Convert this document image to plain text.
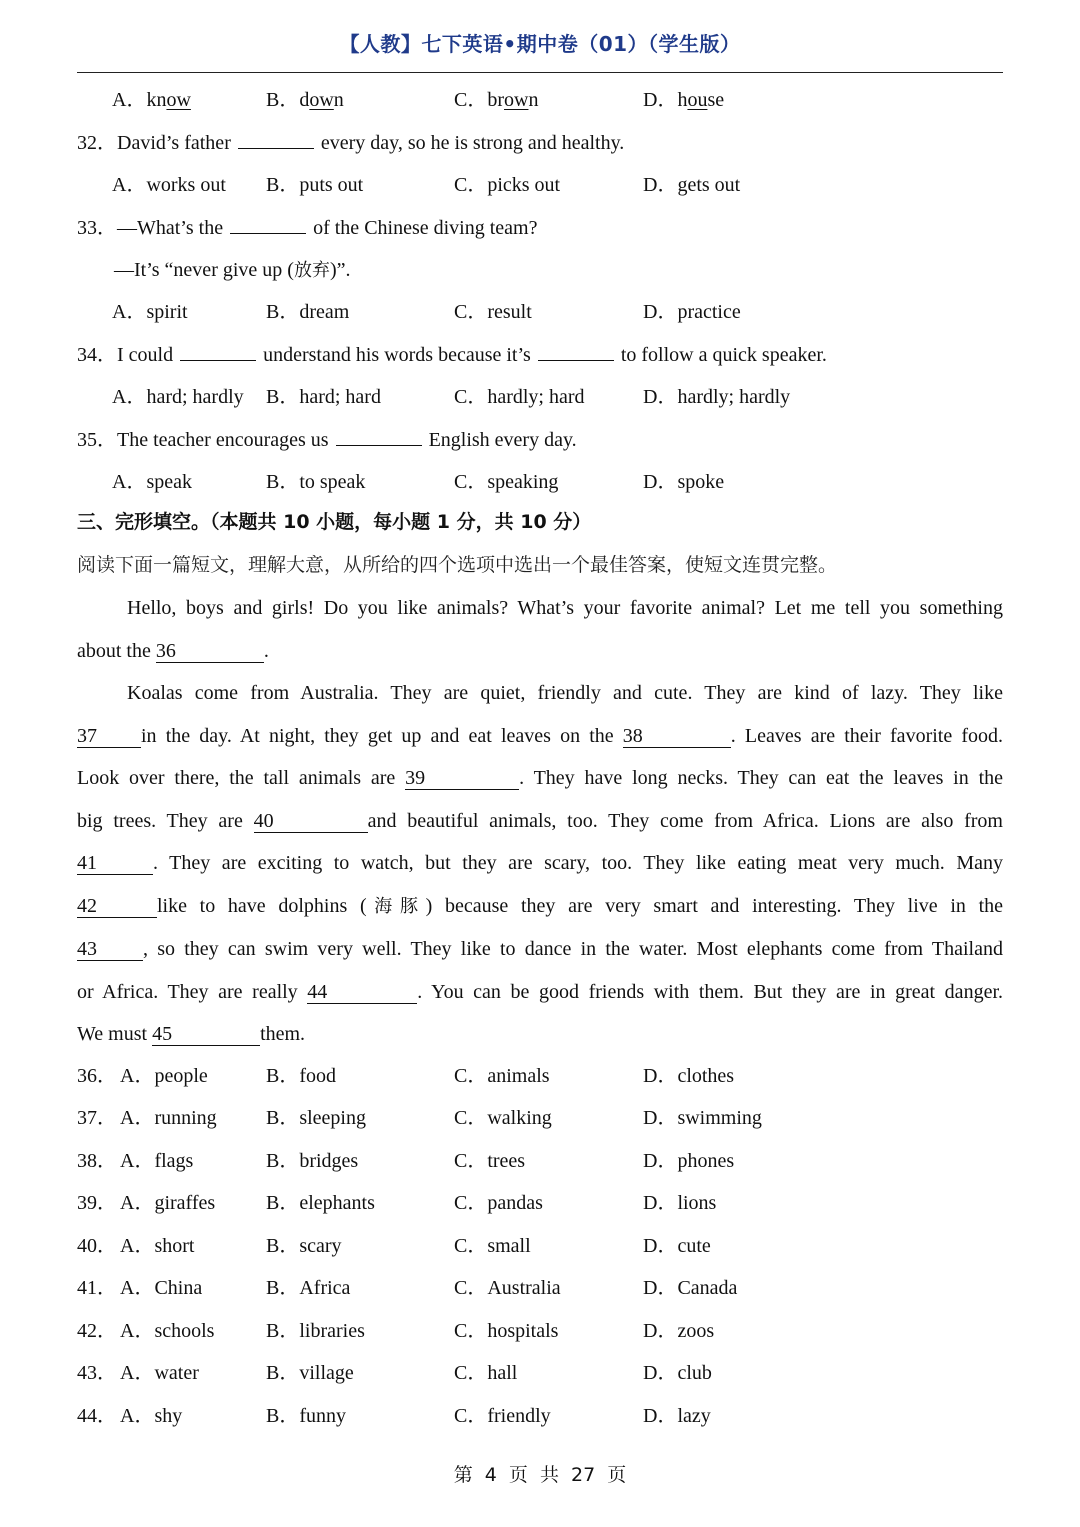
【人教】七下英语•期中卷（01）（学生版）
A．know	B．down	C．brown	D．house
32．David’s father	every day, so he is strong and healthy.
A．works out B．puts out	C．picks out	D．gets out
33．—What’s the	of the Chinese diving team?
—It’s “never give up (放弃)”.
A．spirit	B．dream	C．result	D．practice
34．I could	understand his words because it’s	to follow a quick speaker.
A．hard; hardly B．hard; hard	C．hardly; hard	D．hardly; hardly
35．The teacher encourages us	English every day.
A．speak	B．to speak	C．speaking	D．spoke
三、完形填空。（本题共 10 小题，每小题 1 分，共 10 分）
阅读下面一篇短文，理解大意，从所给的四个选项中选出一个最佳答案，使短文连贯完整。
Hello, boys and girls! Do you like animals? What’s your favorite animal? Let me tell you something
about the 36	.
Koalas come from Australia. They are quiet, friendly and cute. They are kind of lazy. They like
37 in the day. At night, they get up and eat leaves on the 38	. Leaves are their favorite food.
Look over there, the tall animals are 39	. They have long necks. They can eat the leaves in the
big trees. They are 40	and beautiful animals, too. They come from Africa. Lions are also from
41	. They are exciting to watch, but they are scary, too. They like eating meat very much. Many
42	like to have dolphins (海豚) because they are very smart and interesting. They live in the
43 , so they can swim very well. They like to dance in the water. Most elephants come from Thailand
or Africa. They are really 44	. You can be good friends with them. But they are in great danger.
We must 45	them.
36． A．people	B．food	C．animals	D．clothes
37． A．running B．sleeping	C．walking	D．swimming
38． A．flags	B．bridges	C．trees	D．phones
39． A．giraffes	B．elephants	C．pandas	D．lions
40． A．short	B．scary	C．small	D．cute
41． A．China	B．Africa	C．Australia	D．Canada
42． A．schools	B．libraries	C．hospitals	D．zoos
43． A．water	B．village	C．hall	D．club
44． A．shy	B．funny	C．friendly	D．lazy
第 4 页 共 27 页
